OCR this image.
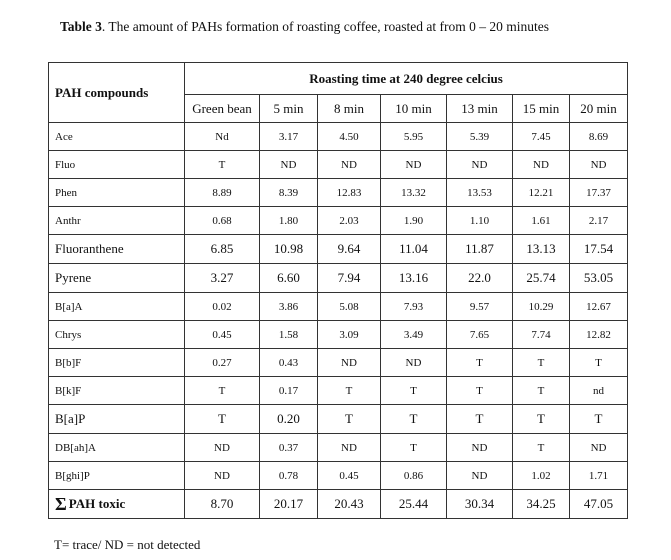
Table 3. The amount of PAHs formation of roasting coffee, roasted at from 0 – 20 minutes
PAH compounds	Roasting time at 240 degree celcius						
	Green bean	5 min	8 min	10 min	13 min	15 min	20 min
Ace	Nd	3.17	4.50	5.95	5.39	7.45	8.69
Fluo	T	ND	ND	ND	ND	ND	ND
Phen	8.89	8.39	12.83	13.32	13.53	12.21	17.37
Anthr	0.68	1.80	2.03	1.90	1.10	1.61	2.17
Fluoranthene	6.85	10.98	9.64	11.04	11.87	13.13	17.54
Pyrene	3.27	6.60	7.94	13.16	22.0	25.74	53.05
B[a]A	0.02	3.86	5.08	7.93	9.57	10.29	12.67
Chrys	0.45	1.58	3.09	3.49	7.65	7.74	12.82
B[b]F	0.27	0.43	ND	ND	T	T	T
B[k]F	T	0.17	T	T	T	T	nd
B[a]P	T	0.20	T	T	T	T	T
DB[ah]A	ND	0.37	ND	T	ND	T	ND
B[ghi]P	ND	0.78	0.45	0.86	ND	1.02	1.71
Σ PAH toxic	8.70	20.17	20.43	25.44	30.34	34.25	47.05
T= trace/ ND = not detected
